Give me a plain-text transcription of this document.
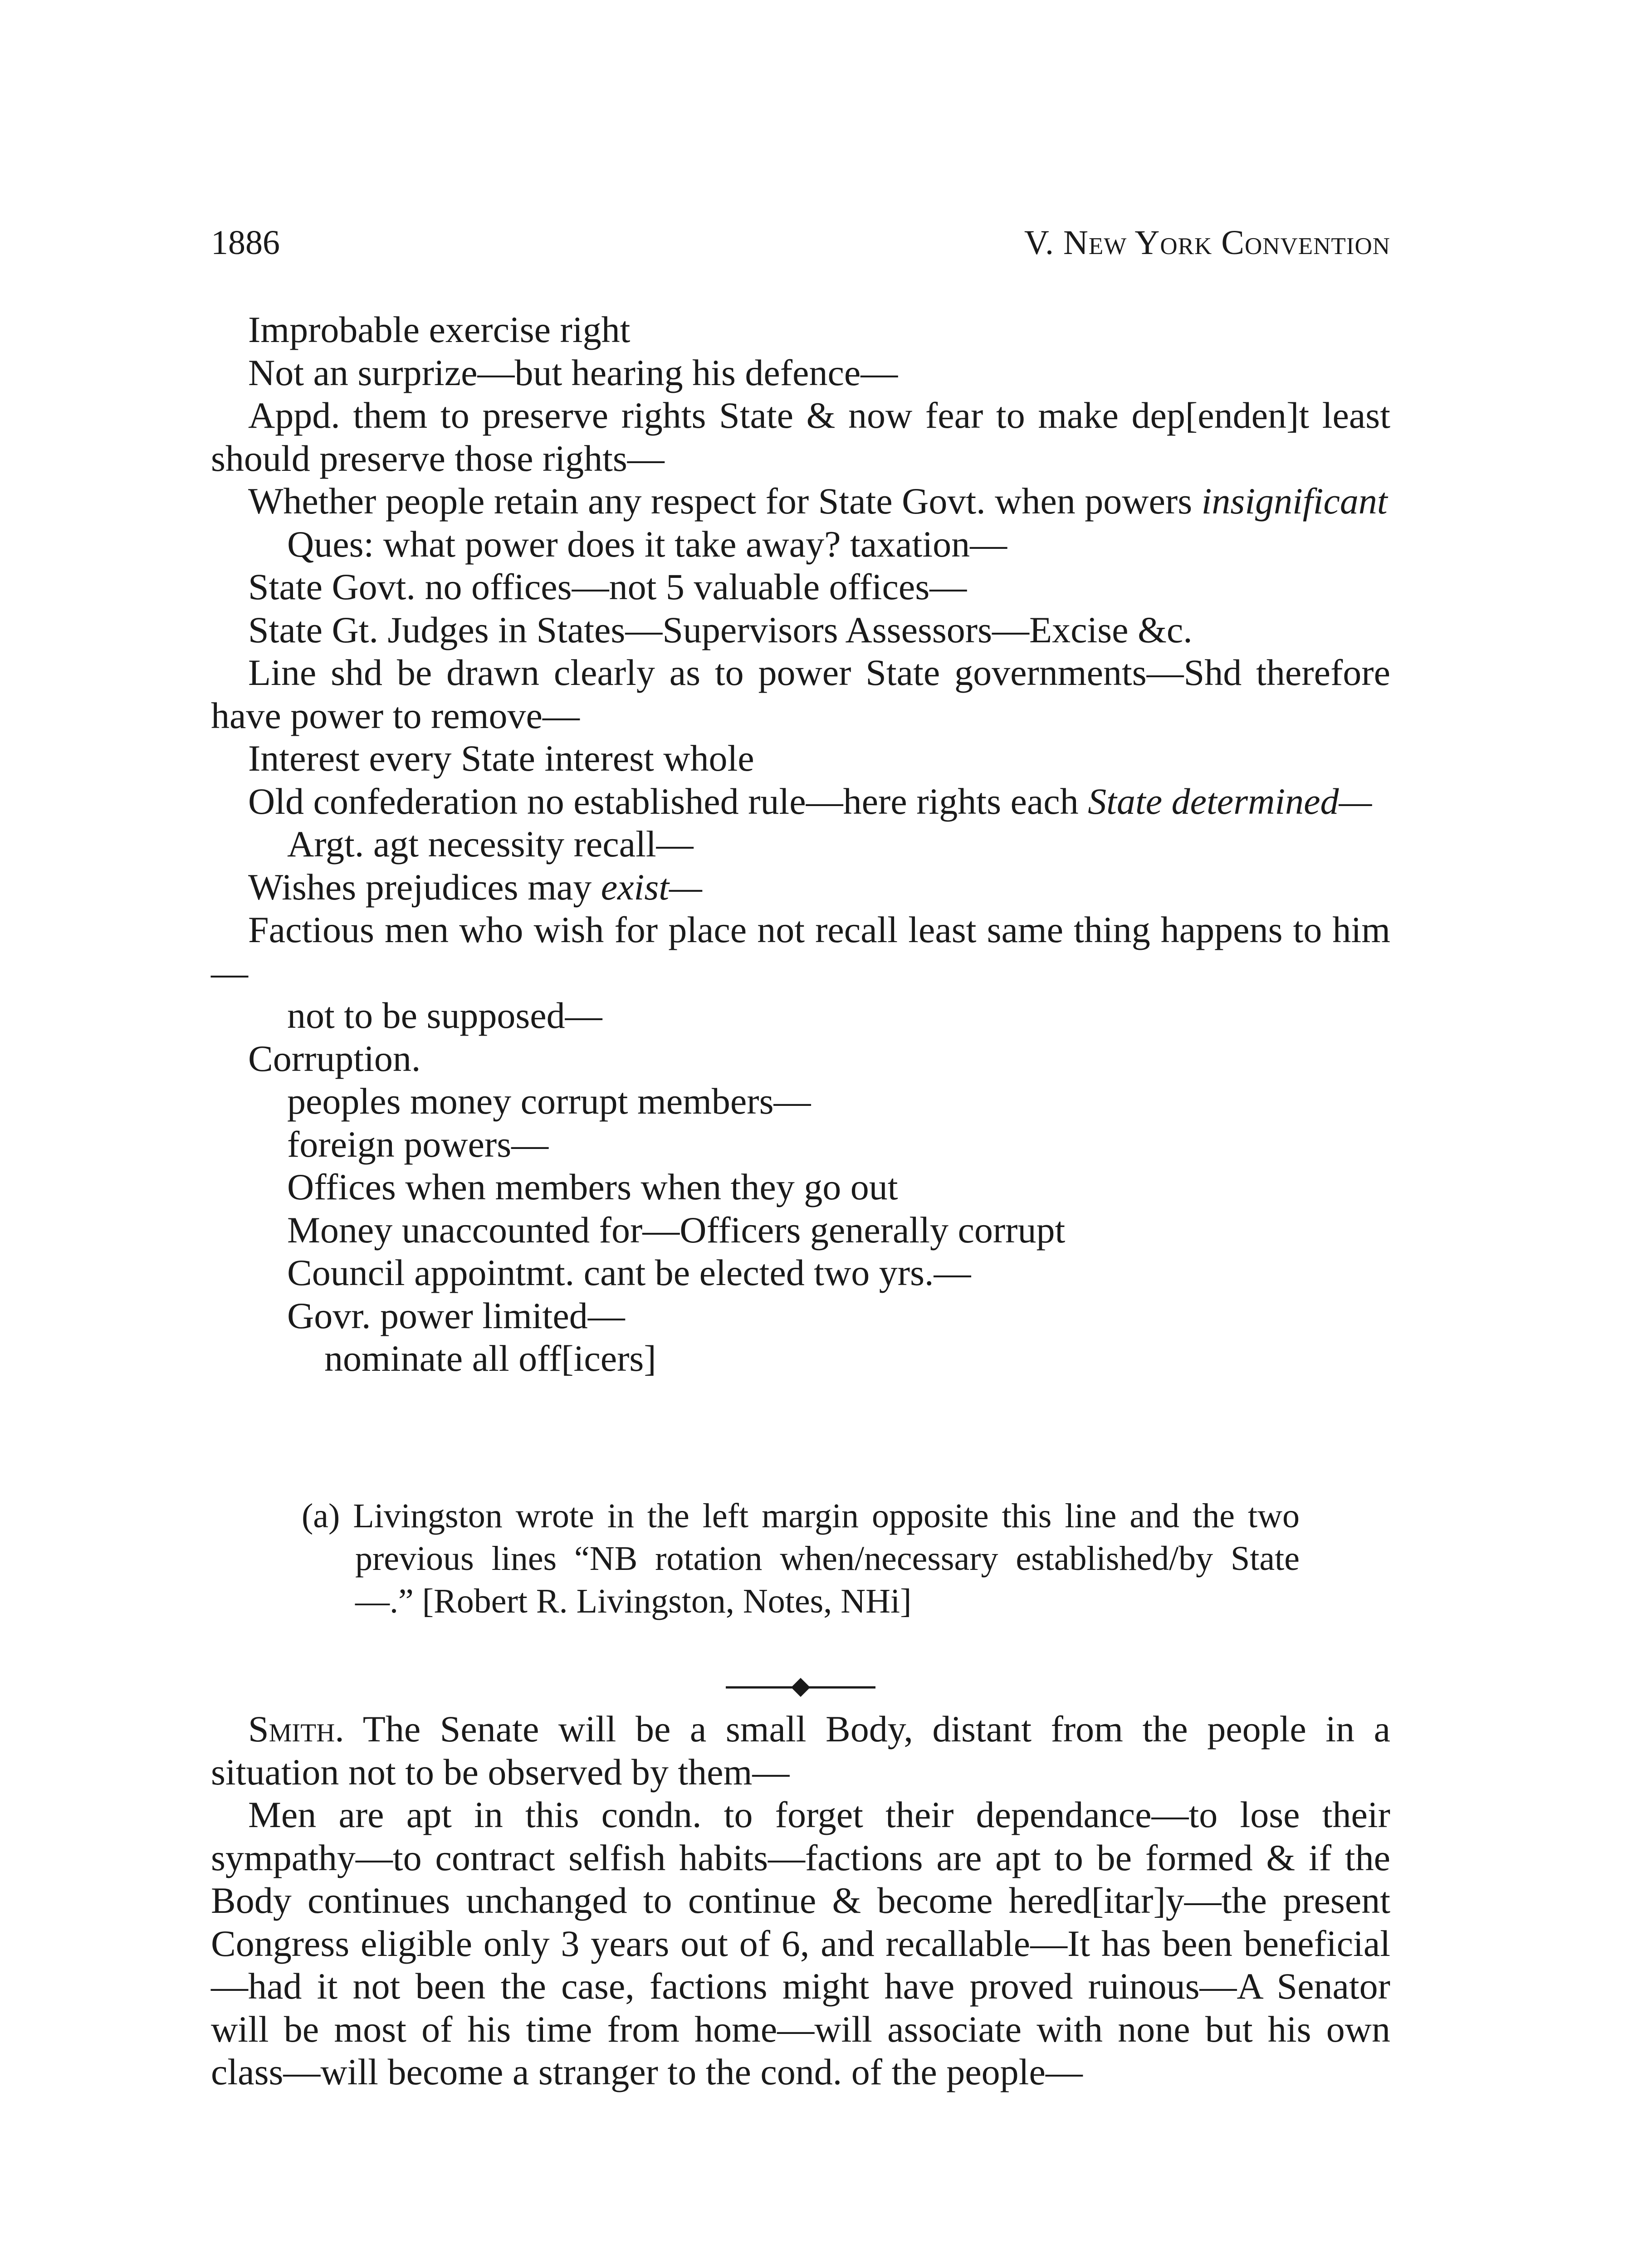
1886	V. New York Convention

Improbable exercise right

Not an surprize—but hearing his defence—

Appd. them to preserve rights State & now fear to make dep[enden]t least should preserve those rights—

Whether people retain any respect for State Govt. when powers insignificant

Ques: what power does it take away? taxation—

State Govt. no offices—not 5 valuable offices—

State Gt. Judges in States—Supervisors Assessors—Excise &c.

Line shd be drawn clearly as to power State governments—Shd therefore have power to remove—

Interest every State interest whole

Old confederation no established rule—here rights each State determined—

Argt. agt necessity recall—

Wishes prejudices may exist—

Factious men who wish for place not recall least same thing happens to him—

not to be supposed—

Corruption.

peoples money corrupt members—

foreign powers—

Offices when members when they go out

Money unaccounted for—Officers generally corrupt

Council appointmt. cant be elected two yrs.—

Govr. power limited—

nominate all off[icers]

(a) Livingston wrote in the left margin opposite this line and the two previous lines “NB rotation when/necessary established/by State—.” [Robert R. Livingston, Notes, NHi]

Smith. The Senate will be a small Body, distant from the people in a situation not to be observed by them—

Men are apt in this condn. to forget their dependance—to lose their sympathy—to contract selfish habits—factions are apt to be formed & if the Body continues unchanged to continue & become hered[itar]y—the present Congress eligible only 3 years out of 6, and recallable—It has been beneficial—had it not been the case, factions might have proved ruinous—A Senator will be most of his time from home—will associate with none but his own class—will become a stranger to the cond. of the people—
